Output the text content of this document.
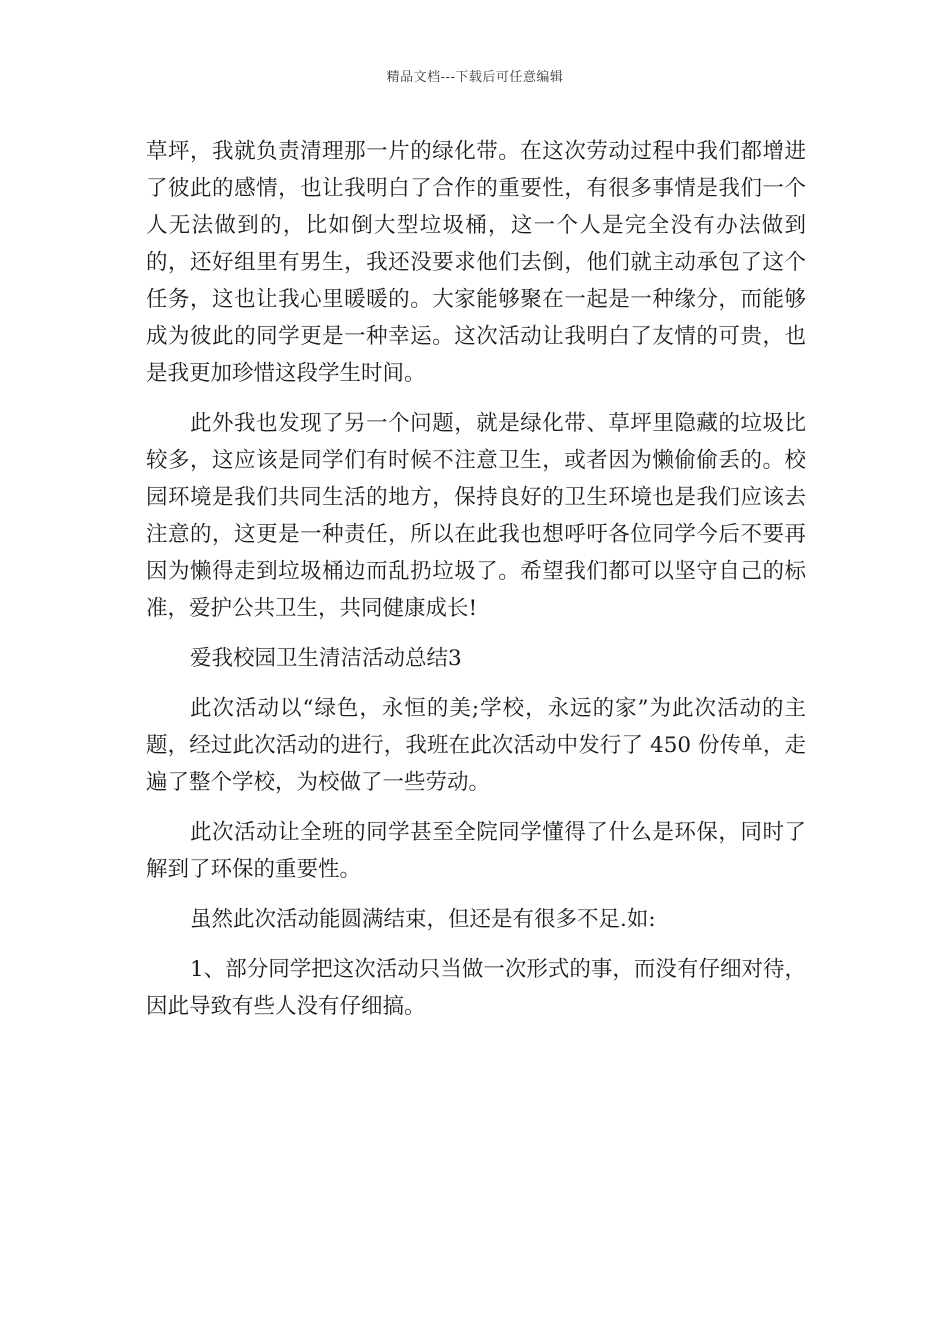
精品文档---下载后可任意编辑

草坪，我就负责清理那一片的绿化带。在这次劳动过程中我们都增进了彼此的感情，也让我明白了合作的重要性，有很多事情是我们一个人无法做到的，比如倒大型垃圾桶，这一个人是完全没有办法做到的，还好组里有男生，我还没要求他们去倒，他们就主动承包了这个任务，这也让我心里暖暖的。大家能够聚在一起是一种缘分，而能够成为彼此的同学更是一种幸运。这次活动让我明白了友情的可贵，也是我更加珍惜这段学生时间。

此外我也发现了另一个问题，就是绿化带、草坪里隐藏的垃圾比较多，这应该是同学们有时候不注意卫生，或者因为懒偷偷丢的。校园环境是我们共同生活的地方，保持良好的卫生环境也是我们应该去注意的，这更是一种责任，所以在此我也想呼吁各位同学今后不要再因为懒得走到垃圾桶边而乱扔垃圾了。希望我们都可以坚守自己的标准，爱护公共卫生，共同健康成长!

爱我校园卫生清洁活动总结3

此次活动以“绿色，永恒的美;学校，永远的家”为此次活动的主题，经过此次活动的进行，我班在此次活动中发行了 450 份传单，走遍了整个学校，为校做了一些劳动。

此次活动让全班的同学甚至全院同学懂得了什么是环保，同时了解到了环保的重要性。

虽然此次活动能圆满结束，但还是有很多不足.如:

1、部分同学把这次活动只当做一次形式的事，而没有仔细对待，因此导致有些人没有仔细搞。
